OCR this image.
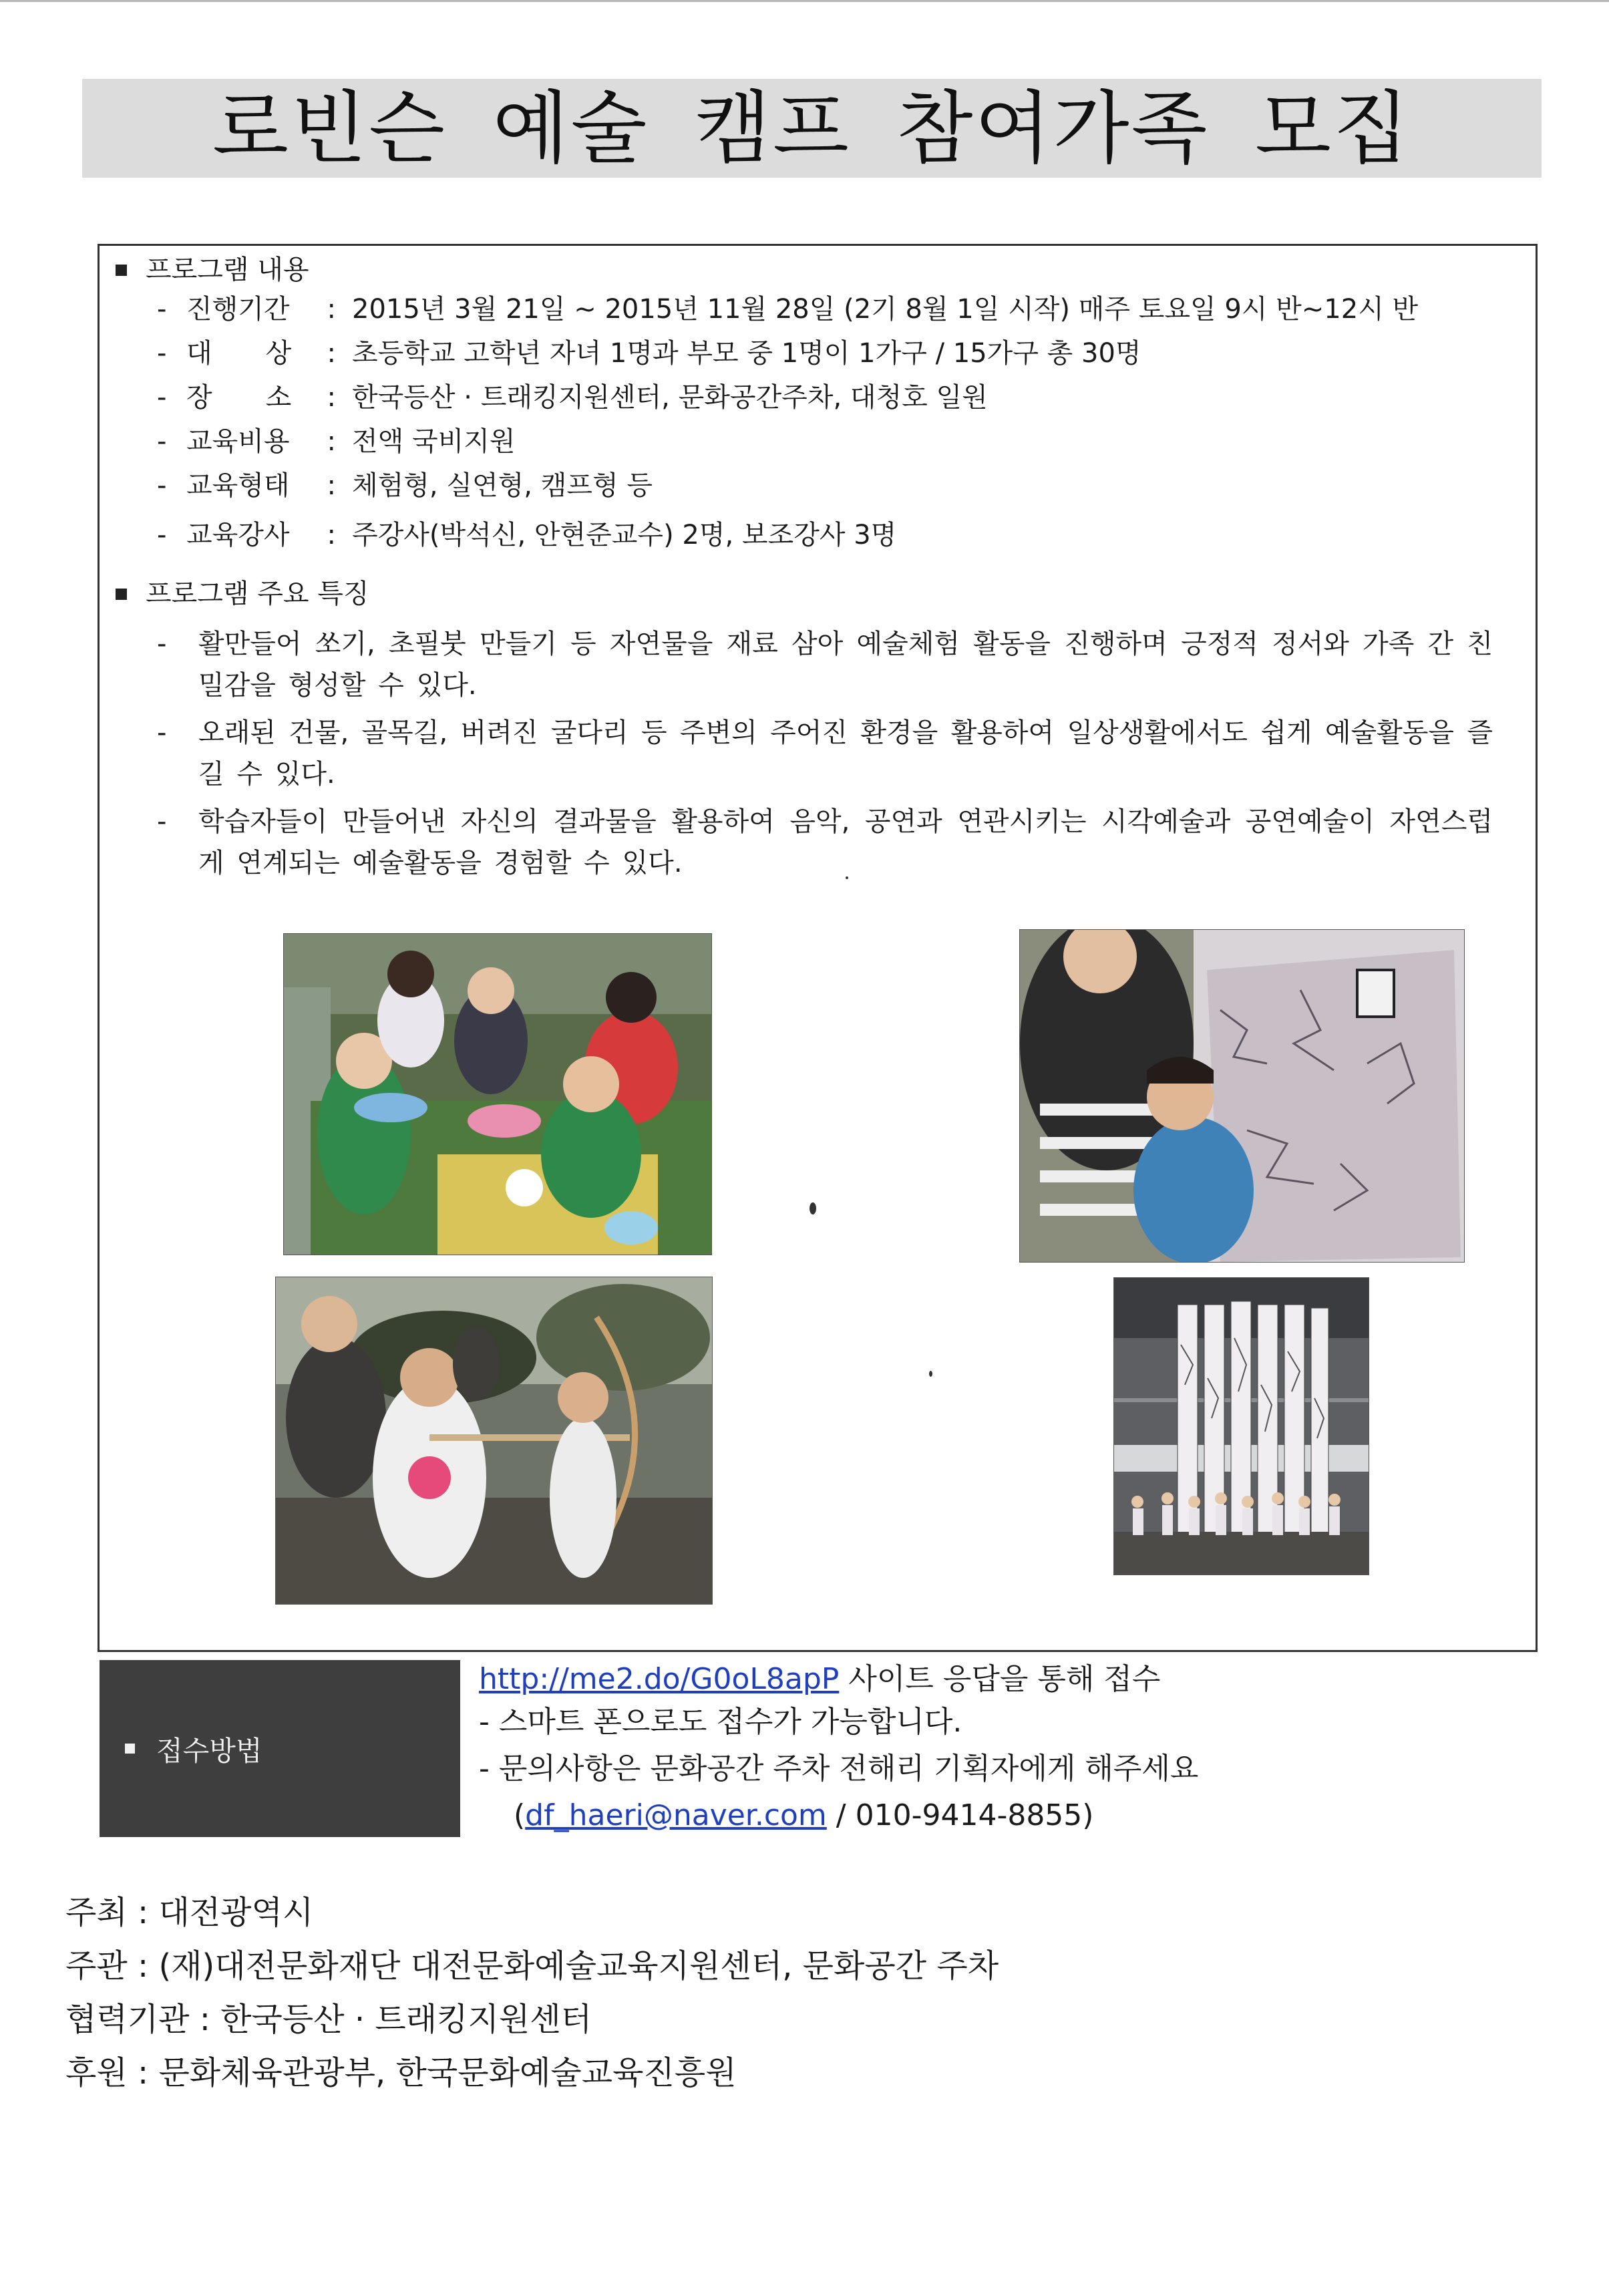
로빈슨 예술 캠프 참여가족 모집
프로그램 내용
- 진행기간 : 2015년 3월 21일 ~ 2015년 11월 28일 (2기 8월 1일 시작) 매주 토요일 9시 반~12시 반
- 대　　상 : 초등학교 고학년 자녀 1명과 부모 중 1명이 1가구 / 15가구 총 30명
- 장　　소 : 한국등산 · 트래킹지원센터, 문화공간주차, 대청호 일원
- 교육비용 : 전액 국비지원
- 교육형태 : 체험형, 실연형, 캠프형 등
- 교육강사 : 주강사(박석신, 안현준교수) 2명, 보조강사 3명
프로그램 주요 특징
- 활만들어 쏘기, 초필붓 만들기 등 자연물을 재료 삼아 예술체험 활동을 진행하며 긍정적 정서와 가족 간 친밀감을 형성할 수 있다.
- 오래된 건물, 골목길, 버려진 굴다리 등 주변의 주어진 환경을 활용하여 일상생활에서도 쉽게 예술활동을 즐길 수 있다.
- 학습자들이 만들어낸 자신의 결과물을 활용하여 음악, 공연과 연관시키는 시각예술과 공연예술이 자연스럽게 연계되는 예술활동을 경험할 수 있다.
접수방법
http://me2.do/G0oL8apP 사이트 응답을 통해 접수
- 스마트 폰으로도 접수가 가능합니다.
- 문의사항은 문화공간 주차 전해리 기획자에게 해주세요
(df_haeri@naver.com / 010-9414-8855)
주최 : 대전광역시
주관 : (재)대전문화재단 대전문화예술교육지원센터, 문화공간 주차
협력기관 : 한국등산 · 트래킹지원센터
후원 : 문화체육관광부, 한국문화예술교육진흥원
